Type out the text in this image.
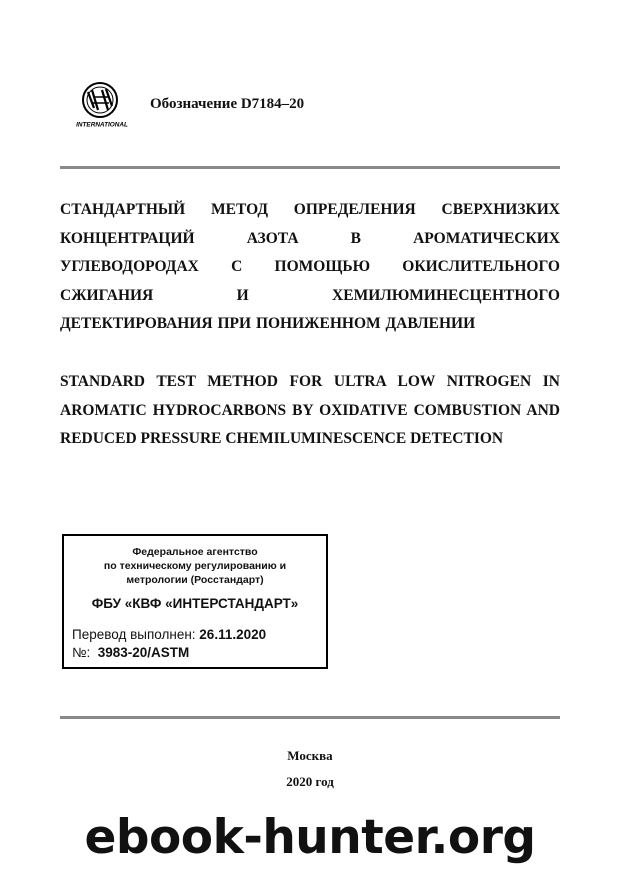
INTERNATIONAL
Обозначение D7184–20
СТАНДАРТНЫЙ МЕТОД ОПРЕДЕЛЕНИЯ СВЕРХНИЗКИХ КОНЦЕНТРАЦИЙ АЗОТА В АРОМАТИЧЕСКИХ УГЛЕВОДОРОДАХ С ПОМОЩЬЮ ОКИСЛИТЕЛЬНОГО СЖИГАНИЯ И ХЕМИЛЮМИНЕСЦЕНТНОГО ДЕТЕКТИРОВАНИЯ ПРИ ПОНИЖЕННОМ ДАВЛЕНИИ
STANDARD TEST METHOD FOR ULTRA LOW NITROGEN IN AROMATIC HYDROCARBONS BY OXIDATIVE COMBUSTION AND REDUCED PRESSURE CHEMILUMINESCENCE DETECTION
Федеральное агентство
по техническому регулированию и
метрологии (Росстандарт)
ФБУ «КВФ «ИНТЕРСТАНДАРТ»
Перевод выполнен: 26.11.2020
№: 3983-20/ASTM
Москва
2020 год
ebook-hunter.org
